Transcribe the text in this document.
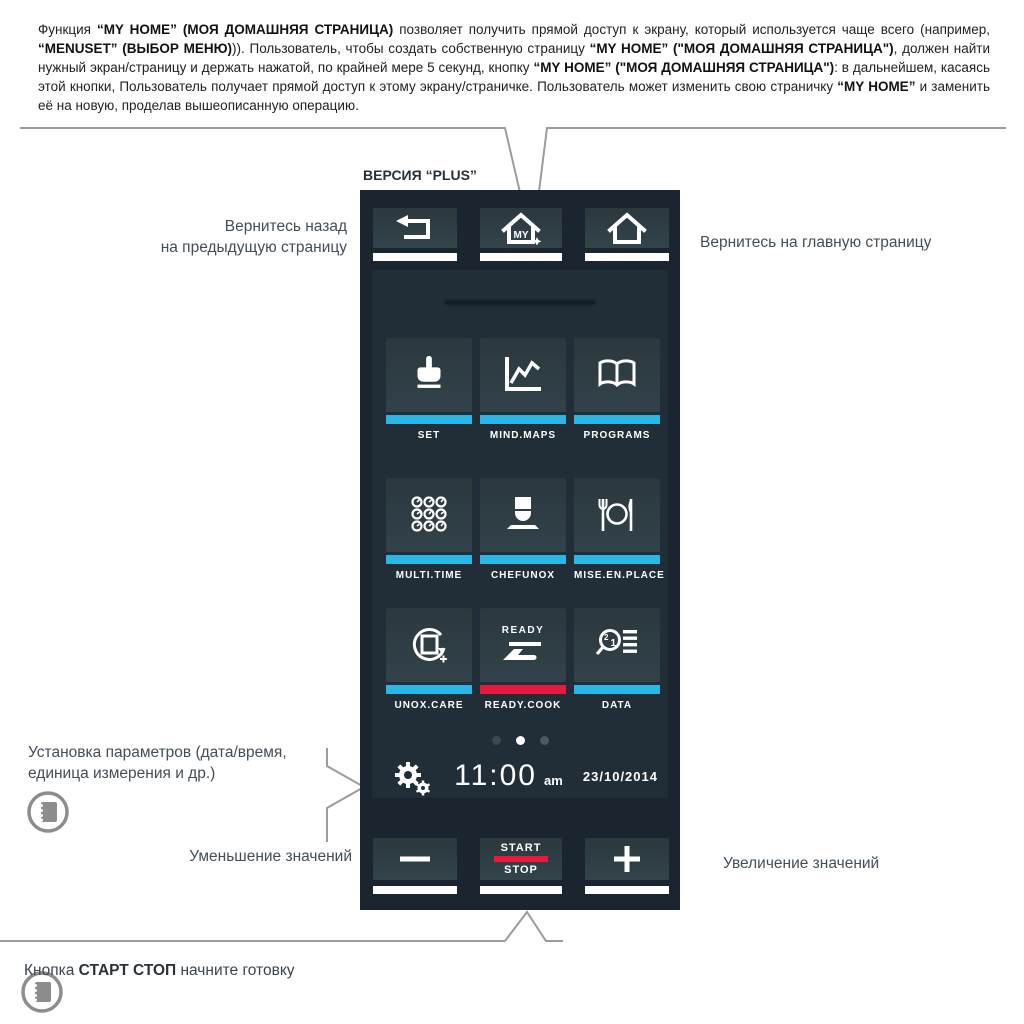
Функция “MY HOME” (МОЯ ДОМАШНЯЯ СТРАНИЦА) позволяет получить прямой доступ к экрану, который используется чаще всего (например, “MENUSET” (ВЫБОР МЕНЮ))). Пользователь, чтобы создать собственную страницу “MY HOME” ("МОЯ ДОМАШНЯЯ СТРАНИЦА"), должен найти нужный экран/страницу и держать нажатой, по крайней мере 5 секунд, кнопку “MY HOME” ("МОЯ ДОМАШНЯЯ СТРАНИЦА"): в дальнейшем, касаясь этой кнопки, Пользователь получает прямой доступ к этому экрану/страничке. Пользователь может изменить свою страничку “MY HOME” и заменить её на новую, проделав вышеописанную операцию.

ВЕРСИЯ “PLUS”
Вернитесь назад
на предыдущую страницу	Вернитесь на главную страницу
Установка параметров (дата/время,
единица измерения и др.)
Уменьшение значений	Увеличение значений

Кнопка СТАРТ СТОП начните готовку

MY
SET	MIND.MAPS	PROGRAMS
MULTI.TIME	CHEFUNOX	MISE.EN.PLACE
UNOX.CARE
READY
READY.COOK
2
1
DATA
11:00 am 23/10/2014
START
STOP
